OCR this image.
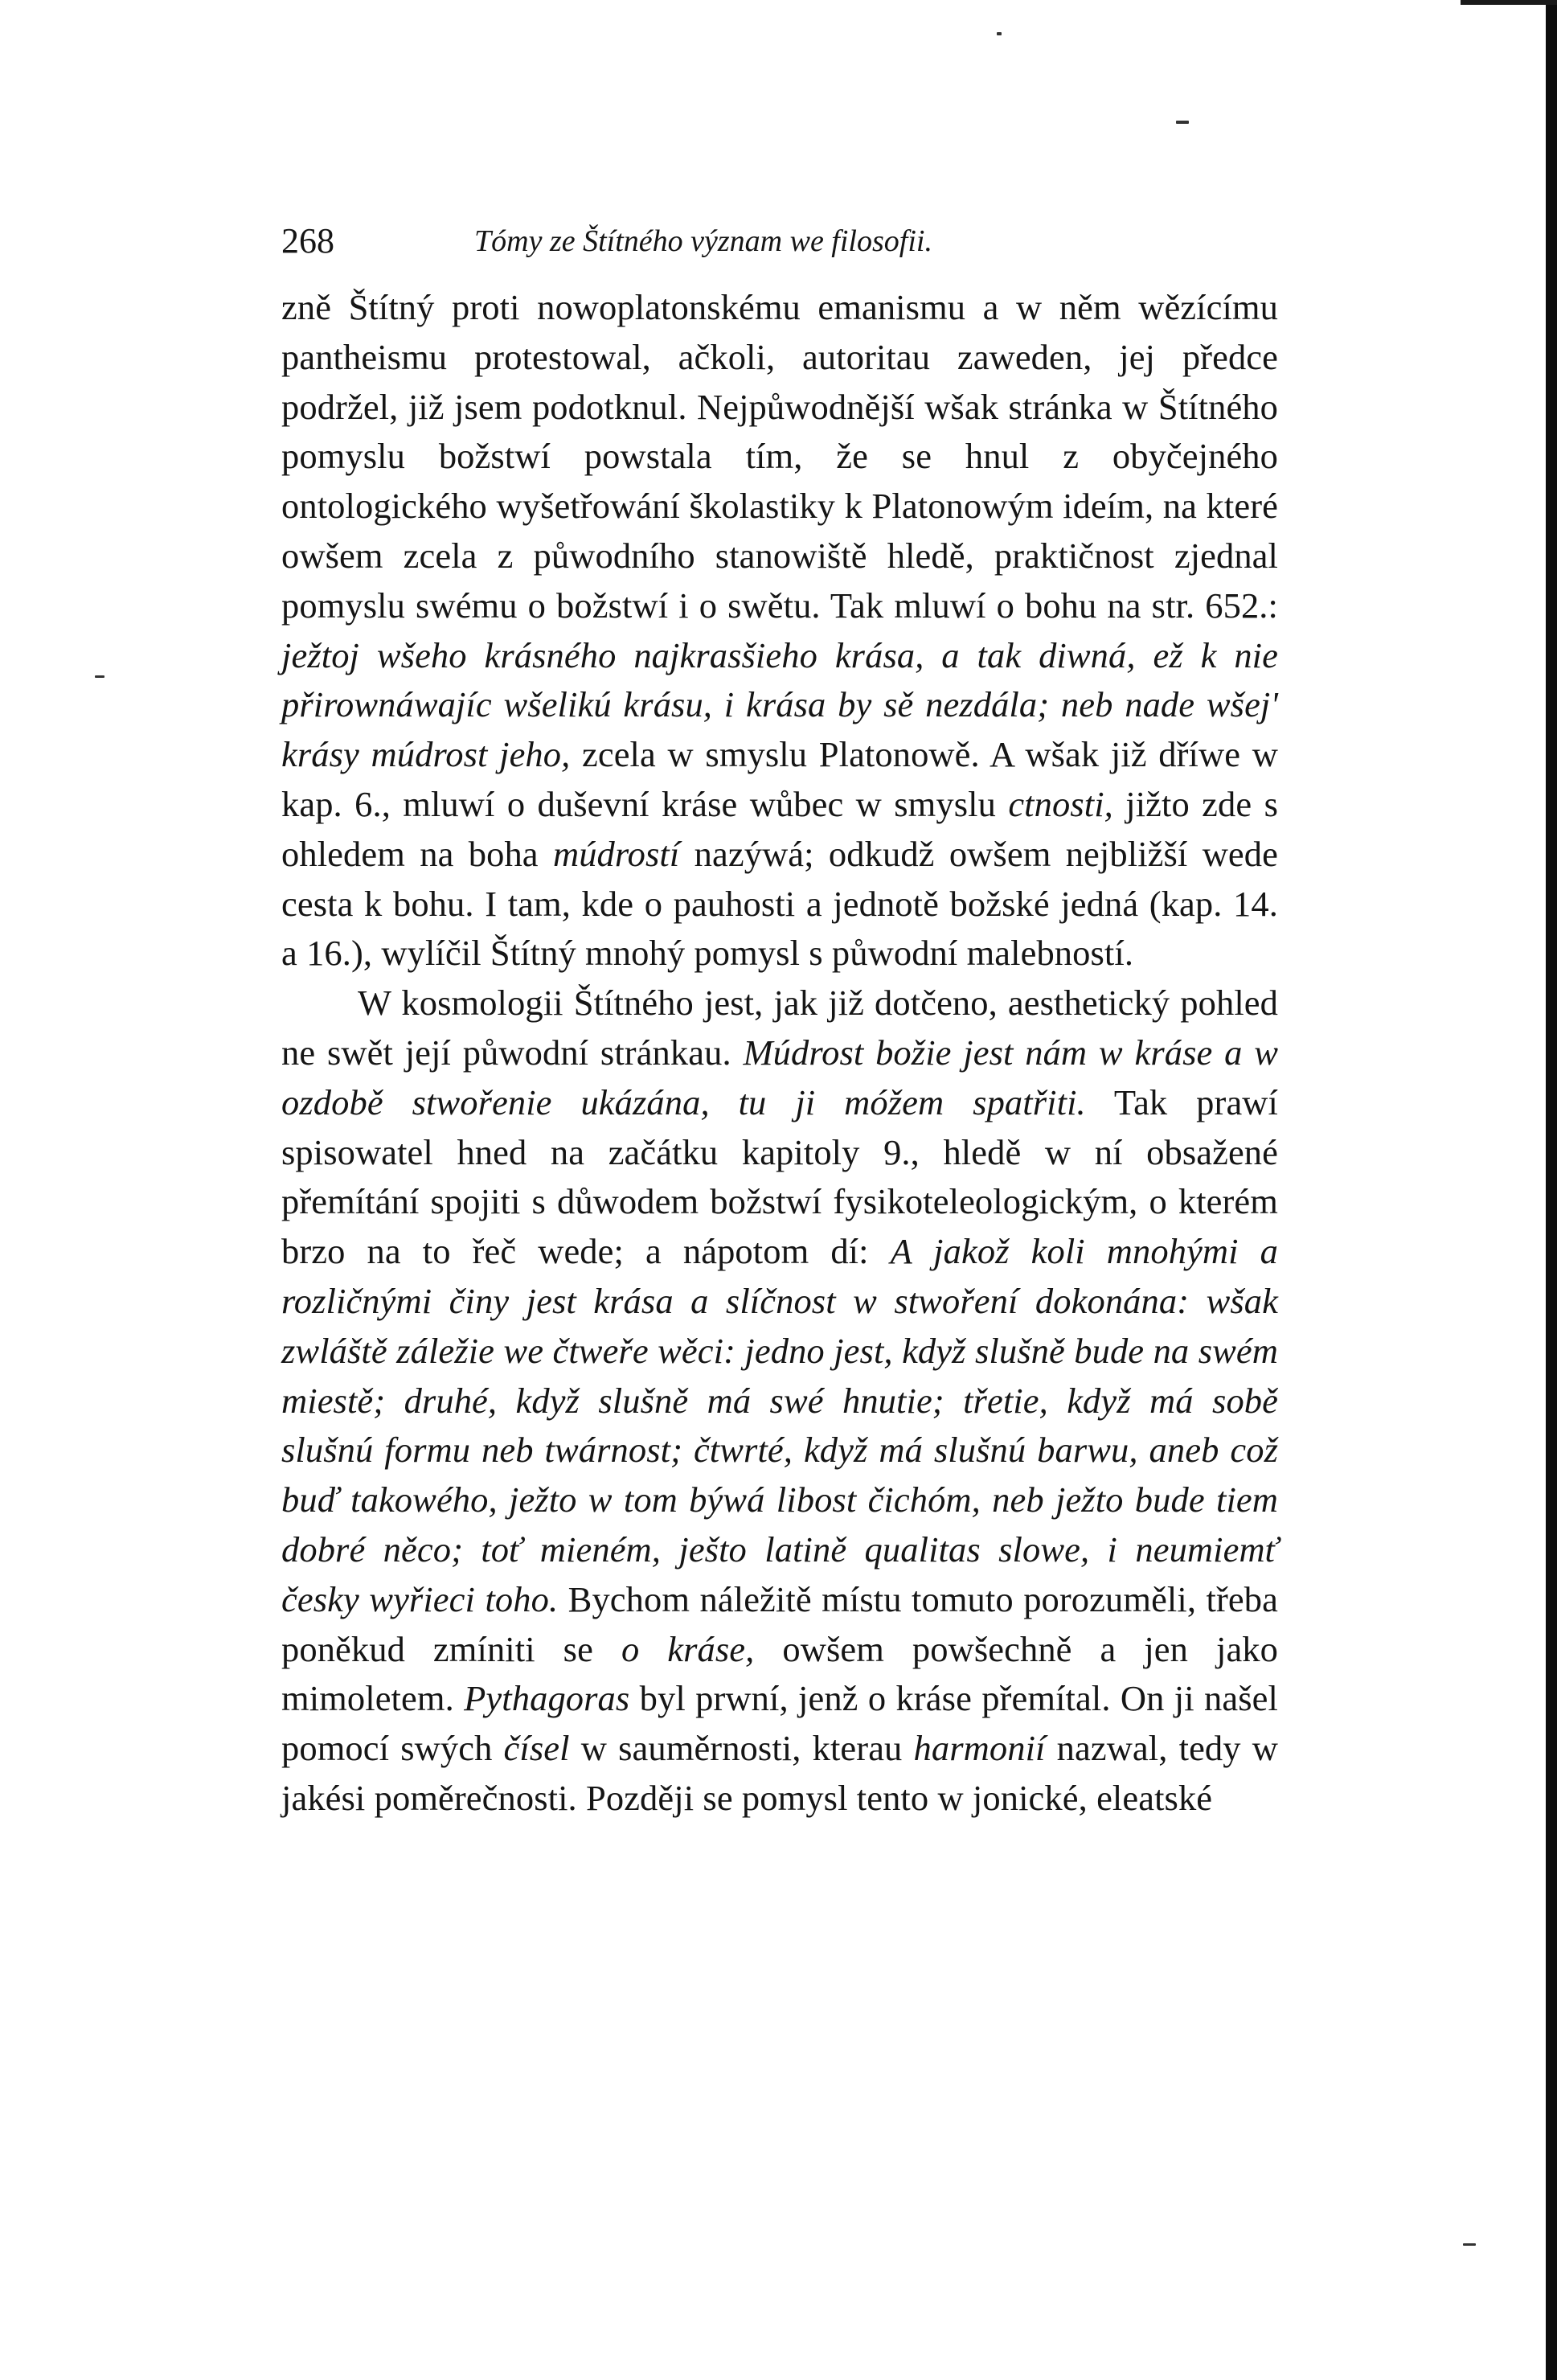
268	Tómy ze Štítného význam we filosofii.

zně Štítný proti nowoplatonskému emanismu a w něm wězícímu pantheismu protestowal, ačkoli, autoritau zaweden, jej předce podržel, již jsem podotknul. Nejpůwodnější wšak stránka w Štítného pomyslu božstwí powstala tím, že se hnul z obyčejného ontologického wyšetřowání školastiky k Platonowým ideím, na které owšem zcela z půwodního stanowiště hledě, praktičnost zjednal pomyslu swému o božstwí i o swětu. Tak mluwí o bohu na str. 652.: ježtoj wšeho krásného najkrasšieho krása, a tak diwná, ež k nie přirownáwajíc wšelikú krásu, i krása by sě nezdála; neb nade wšej' krásy múdrost jeho, zcela w smyslu Platonowě. A wšak již dříwe w kap. 6., mluwí o duševní kráse wůbec w smyslu ctnosti, jižto zde s ohledem na boha múdrostí nazýwá; odkudž owšem nejbližší wede cesta k bohu. I tam, kde o pauhosti a jednotě božské jedná (kap. 14. a 16.), wylíčil Štítný mnohý pomysl s půwodní malebností.

W kosmologii Štítného jest, jak již dotčeno, aesthetický pohled ne swět její půwodní stránkau. Múdrost božie jest nám w kráse a w ozdobě stwořenie ukázána, tu ji móžem spatřiti. Tak prawí spisowatel hned na začátku kapitoly 9., hledě w ní obsažené přemítání spojiti s důwodem božstwí fysikoteleologickým, o kterém brzo na to řeč wede; a nápotom dí: A jakož koli mnohými a rozličnými činy jest krása a slíčnost w stwoření dokonána: wšak zwláště záležie we čtweře wěci: jedno jest, když slušně bude na swém miestě; druhé, když slušně má swé hnutie; třetie, když má sobě slušnú formu neb twárnost; čtwrté, když má slušnú barwu, aneb což buď takowého, ježto w tom býwá libost čichóm, neb ježto bude tiem dobré něco; toť mieném, ješto latině qualitas slowe, i neumiemť česky wyřieci toho. Bychom náležitě místu tomuto porozuměli, třeba poněkud zmíniti se o kráse, owšem powšechně a jen jako mimoletem. Pythagoras byl prwní, jenž o kráse přemítal. On ji našel pomocí swých čísel w sauměrnosti, kterau harmonií nazwal, tedy w jakési poměrečnosti. Později se pomysl tento w jonické, eleatské
